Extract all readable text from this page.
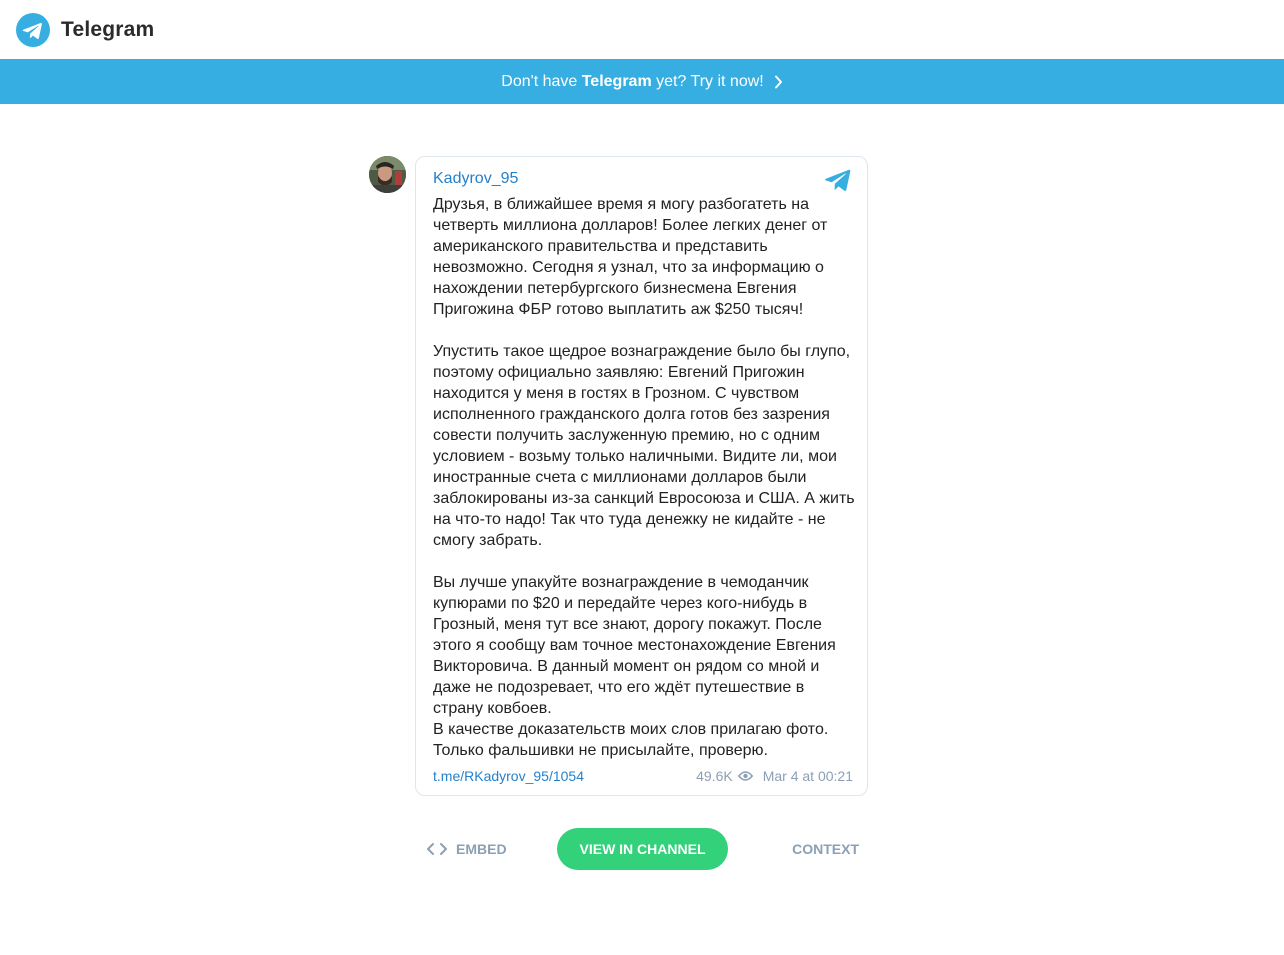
Telegram
Don't have Telegram yet? Try it now!
Kadyrov_95
Друзья, в ближайшее время я могу разбогатеть на четверть миллиона долларов! Более легких денег от американского правительства и представить невозможно. Сегодня я узнал, что за информацию о нахождении петербургского бизнесмена Евгения Пригожина ФБР готово выплатить аж $250 тысяч!

Упустить такое щедрое вознаграждение было бы глупо, поэтому официально заявляю: Евгений Пригожин находится у меня в гостях в Грозном. С чувством исполненного гражданского долга готов без зазрения совести получить заслуженную премию, но с одним условием - возьму только наличными. Видите ли, мои иностранные счета с миллионами долларов были заблокированы из-за санкций Евросоюза и США. А жить на что-то надо! Так что туда денежку не кидайте - не смогу забрать.

Вы лучше упакуйте вознаграждение в чемоданчик купюрами по $20 и передайте через кого-нибудь в Грозный, меня тут все знают, дорогу покажут. После этого я сообщу вам точное местонахождение Евгения Викторовича. В данный момент он рядом со мной и даже не подозревает, что его ждёт путешествие в страну ковбоев.
В качестве доказательств моих слов прилагаю фото. Только фальшивки не присылайте, проверю.
t.me/RKadyrov_95/1054	49.6K Mar 4 at 00:21
EMBED	VIEW IN CHANNEL	CONTEXT
